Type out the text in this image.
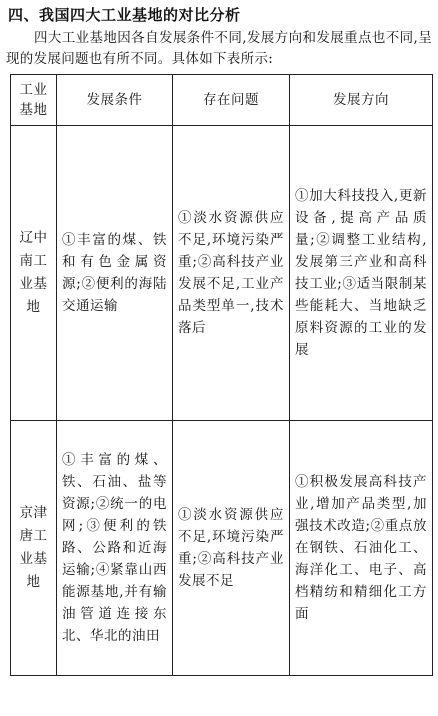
四、我国四大工业基地的对比分析

四大工业基地因各自发展条件不同,发展方向和发展重点也不同,呈现的发展问题也有所不同。具体如下表所示:

工业基地	发展条件	存在问题	发展方向
辽中南工业基地	①丰富的煤、铁和有色金属资源;②便利的海陆交通运输	①淡水资源供应不足,环境污染严重;②高科技产业发展不足,工业产品类型单一,技术落后	①加大科技投入,更新设备,提高产品质量;②调整工业结构,发展第三产业和高科技工业;③适当限制某些能耗大、当地缺乏原料资源的工业的发展
京津唐工业基地	①丰富的煤、铁、石油、盐等资源;②统一的电网;③便利的铁路、公路和近海运输;④紧靠山西能源基地,并有输油管道连接东北、华北的油田	①淡水资源供应不足,环境污染严重;②高科技产业发展不足	①积极发展高科技产业,增加产品类型,加强技术改造;②重点放在钢铁、石油化工、海洋化工、电子、高档精纺和精细化工方面
